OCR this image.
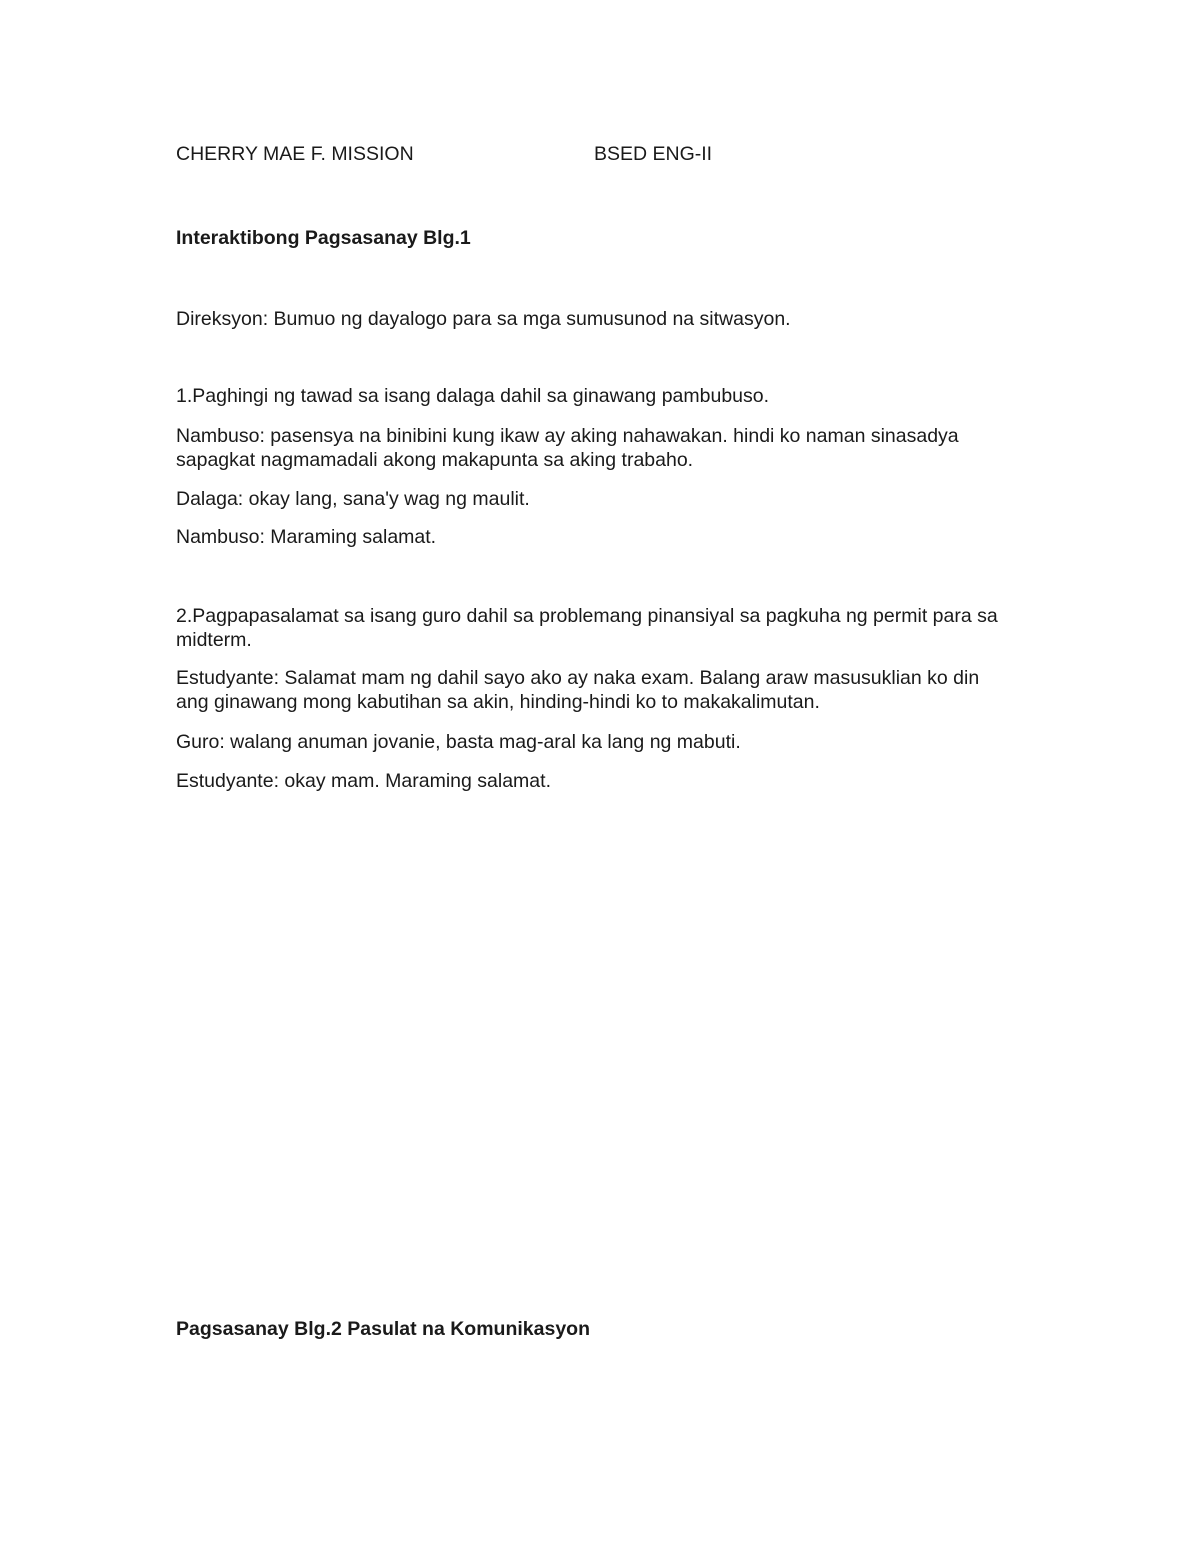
CHERRY MAE F. MISSION	BSED ENG-II

Interaktibong Pagsasanay Blg.1

Direksyon: Bumuo ng dayalogo para sa mga sumusunod na sitwasyon.

1.Paghingi ng tawad sa isang dalaga dahil sa ginawang pambubuso.

Nambuso: pasensya na binibini kung ikaw ay aking nahawakan. hindi ko naman sinasadya sapagkat nagmamadali akong makapunta sa aking trabaho.

Dalaga: okay lang, sana'y wag ng maulit.

Nambuso: Maraming salamat.

2.Pagpapasalamat sa isang guro dahil sa problemang pinansiyal sa pagkuha ng permit para sa midterm.

Estudyante: Salamat mam ng dahil sayo ako ay naka exam. Balang araw masusuklian ko din ang ginawang mong kabutihan sa akin, hinding-hindi ko to makakalimutan.

Guro: walang anuman jovanie, basta mag-aral ka lang ng mabuti.

Estudyante: okay mam. Maraming salamat.

Pagsasanay Blg.2 Pasulat na Komunikasyon
